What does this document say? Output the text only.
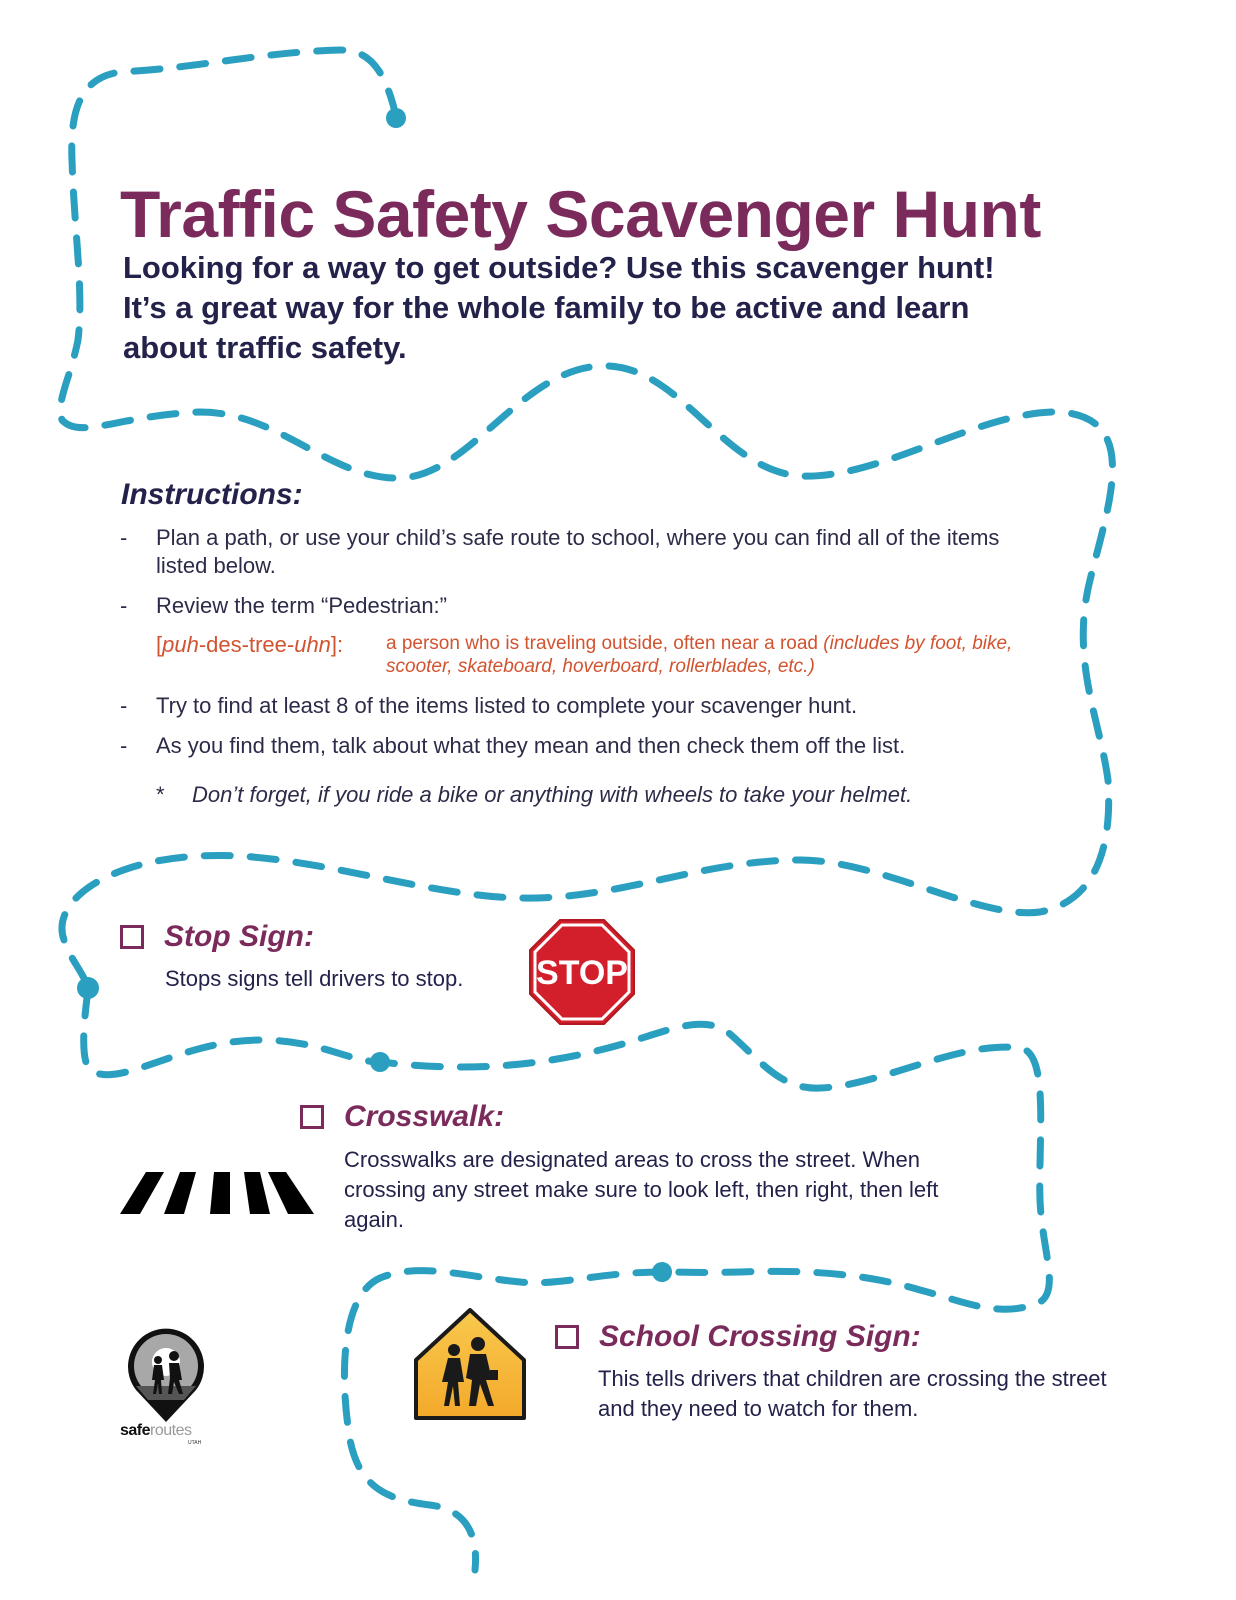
Traffic Safety Scavenger Hunt
Looking for a way to get outside? Use this scavenger hunt!
It’s a great way for the whole family to be active and learn
about traffic safety.
Instructions:
-	Plan a path, or use your child’s safe route to school, where you can find all of the items listed below.
-	Review the term “Pedestrian:”
[puh-des-tree-uhn]:	a person who is traveling outside, often near a road (includes by foot, bike, scooter, skateboard, hoverboard, rollerblades, etc.)
-	Try to find at least 8 of the items listed to complete your scavenger hunt.
-	As you find them, talk about what they mean and then check them off the list.
*	Don’t forget, if you ride a bike or anything with wheels to take your helmet.
Stop Sign:
Stops signs tell drivers to stop. STOP
Crosswalk:
Crosswalks are designated areas to cross the street. When crossing any street make sure to look left, then right, then left again.
School Crossing Sign:
This tells drivers that children are crossing the street and they need to watch for them.
saferoutes
UTAH
